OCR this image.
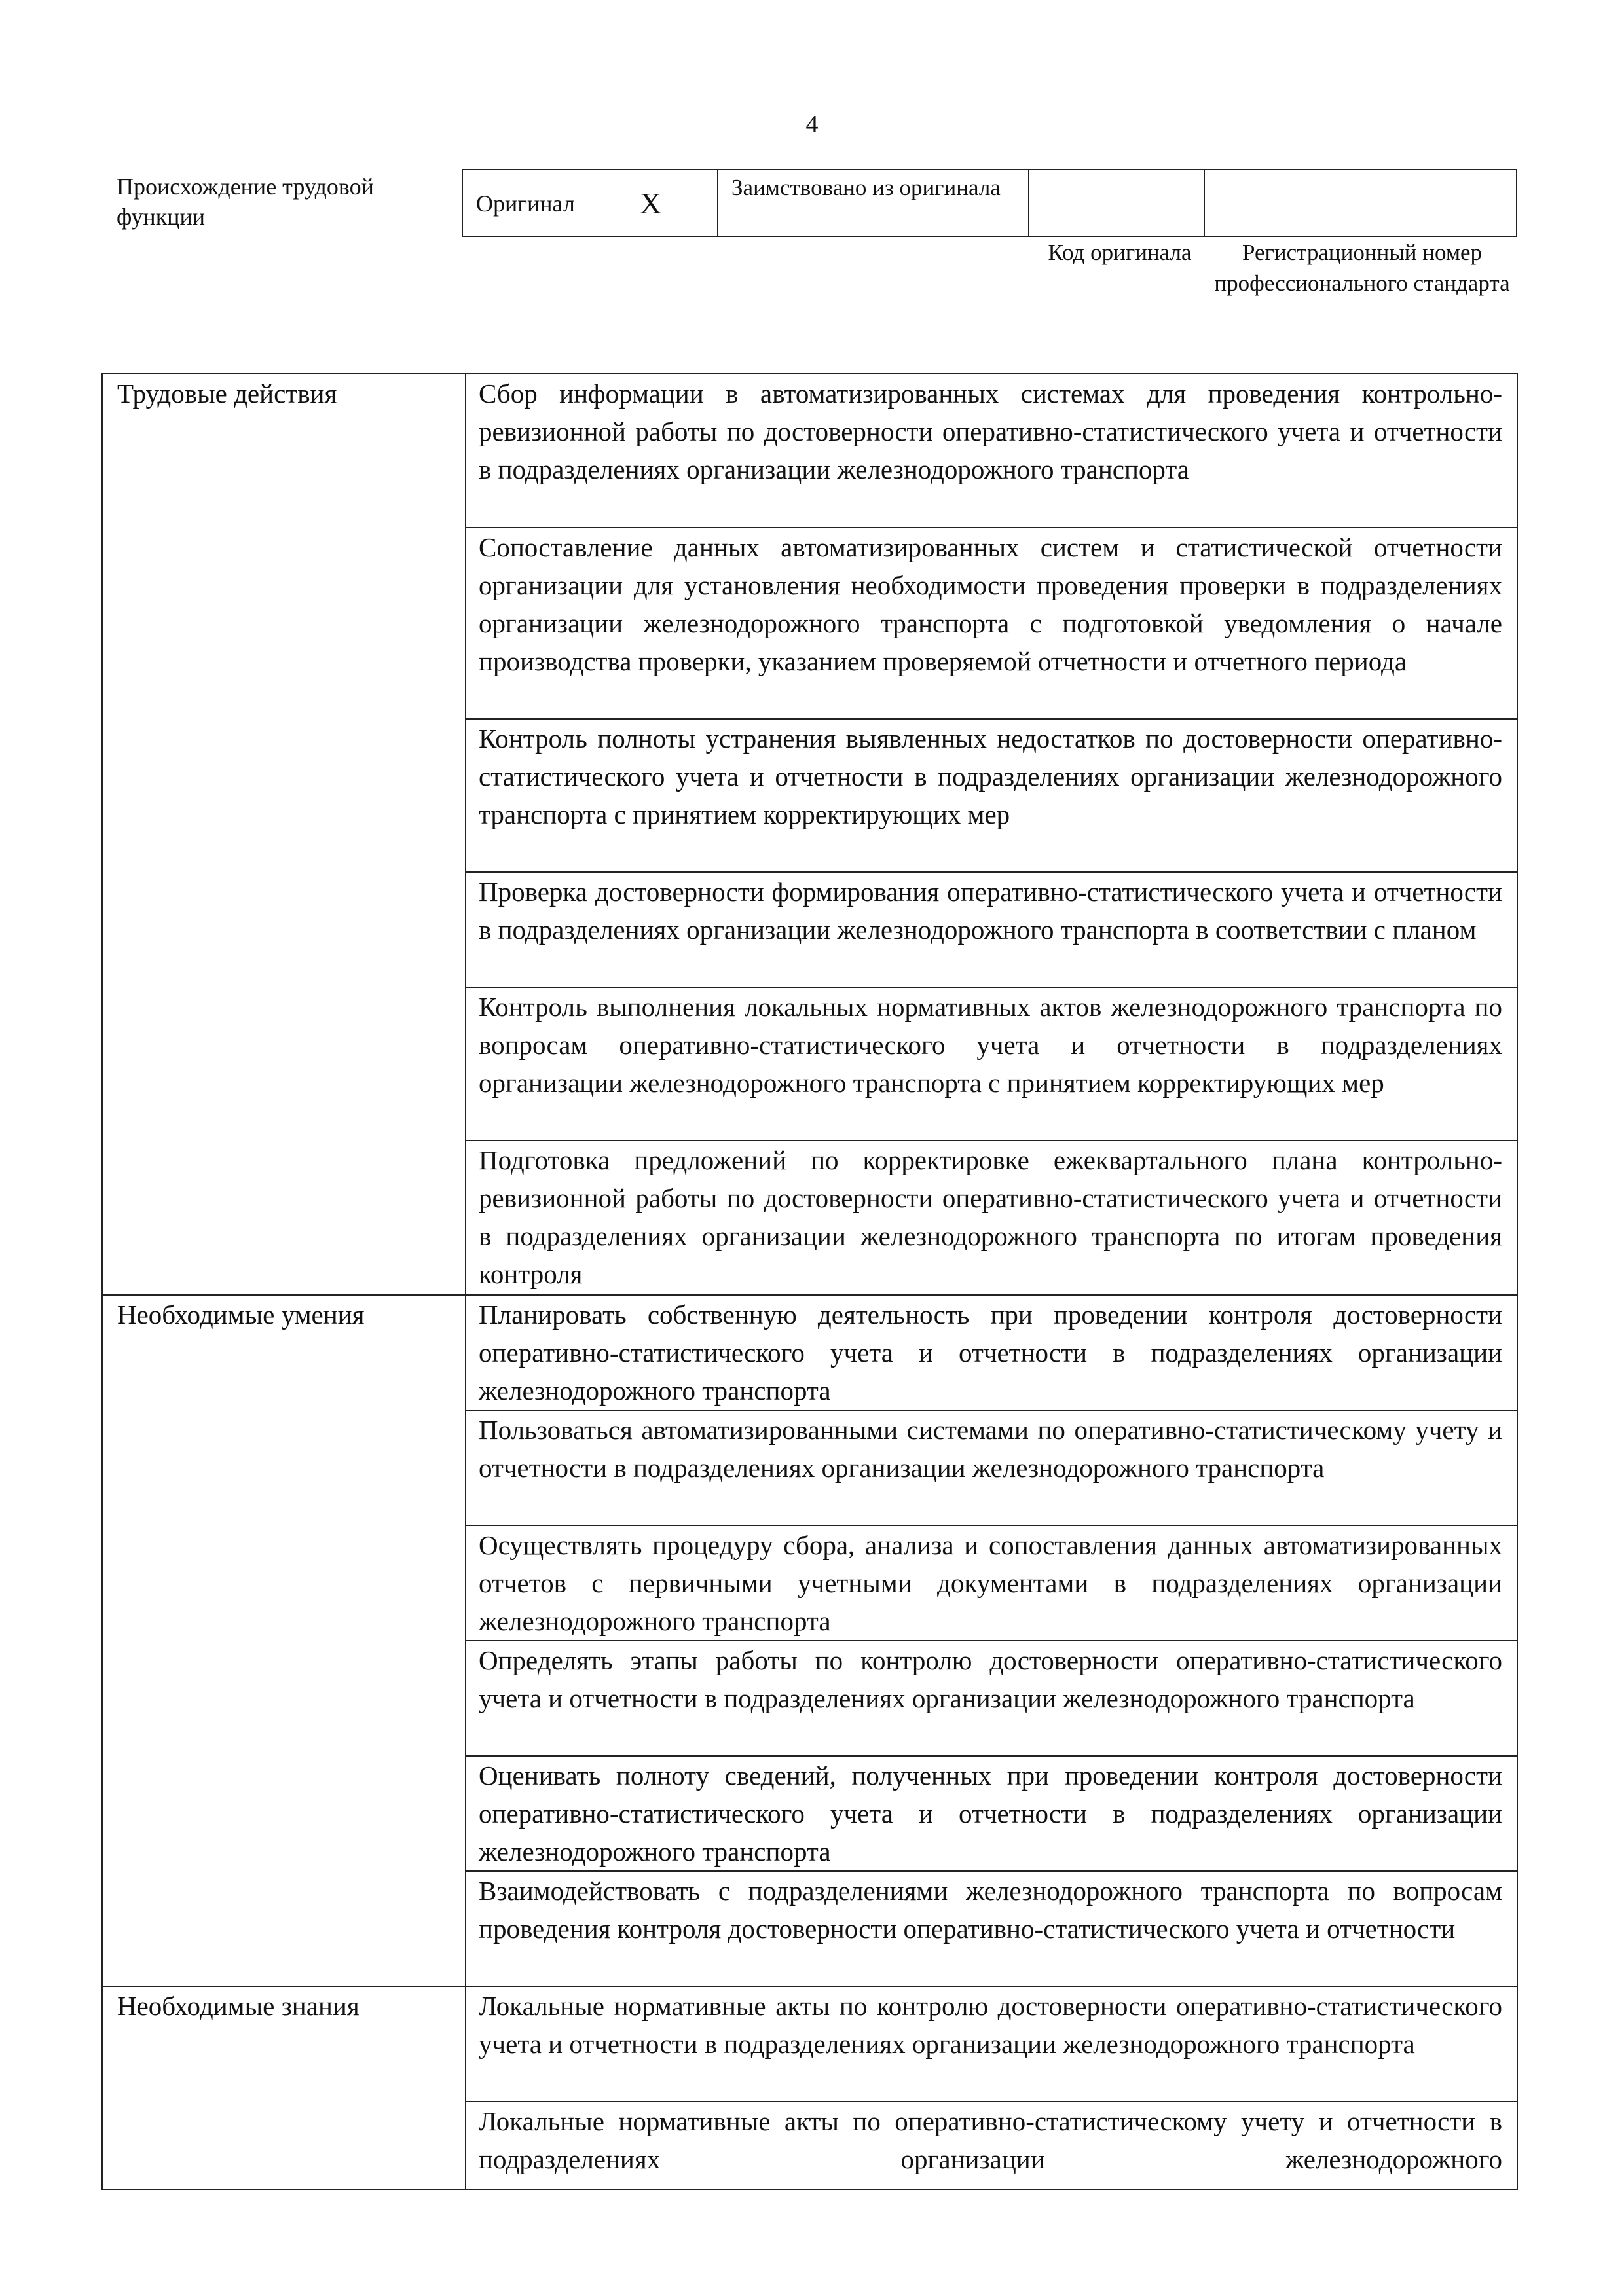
4
Происхождение трудовой функции	Оригинал X	Заимствовано из оригинала
Код оригинала	Регистрационный номер профессионального стандарта
Трудовые действия	Сбор информации в автоматизированных системах для проведения контрольно-ревизионной работы по достоверности оперативно-статистического учета и отчетности в подразделениях организации железнодорожного транспорта
Сопоставление данных автоматизированных систем и статистической отчетности организации для установления необходимости проведения проверки в подразделениях организации железнодорожного транспорта с подготовкой уведомления о начале производства проверки, указанием проверяемой отчетности и отчетного периода
Контроль полноты устранения выявленных недостатков по достоверности оперативно-статистического учета и отчетности в подразделениях организации железнодорожного транспорта с принятием корректирующих мер
Проверка достоверности формирования оперативно-статистического учета и отчетности в подразделениях организации железнодорожного транспорта в соответствии с планом
Контроль выполнения локальных нормативных актов железнодорожного транспорта по вопросам оперативно-статистического учета и отчетности в подразделениях организации железнодорожного транспорта с принятием корректирующих мер
Подготовка предложений по корректировке ежеквартального плана контрольно-ревизионной работы по достоверности оперативно-статистического учета и отчетности в подразделениях организации железнодорожного транспорта по итогам проведения контроля
Необходимые умения	Планировать собственную деятельность при проведении контроля достоверности оперативно-статистического учета и отчетности в подразделениях организации железнодорожного транспорта
Пользоваться автоматизированными системами по оперативно-статистическому учету и отчетности в подразделениях организации железнодорожного транспорта
Осуществлять процедуру сбора, анализа и сопоставления данных автоматизированных отчетов с первичными учетными документами в подразделениях организации железнодорожного транспорта
Определять этапы работы по контролю достоверности оперативно-статистического учета и отчетности в подразделениях организации железнодорожного транспорта
Оценивать полноту сведений, полученных при проведении контроля достоверности оперативно-статистического учета и отчетности в подразделениях организации железнодорожного транспорта
Взаимодействовать с подразделениями железнодорожного транспорта по вопросам проведения контроля достоверности оперативно-статистического учета и отчетности
Необходимые знания	Локальные нормативные акты по контролю достоверности оперативно-статистического учета и отчетности в подразделениях организации железнодорожного транспорта
Локальные нормативные акты по оперативно-статистическому учету и отчетности в подразделениях организации железнодорожного
